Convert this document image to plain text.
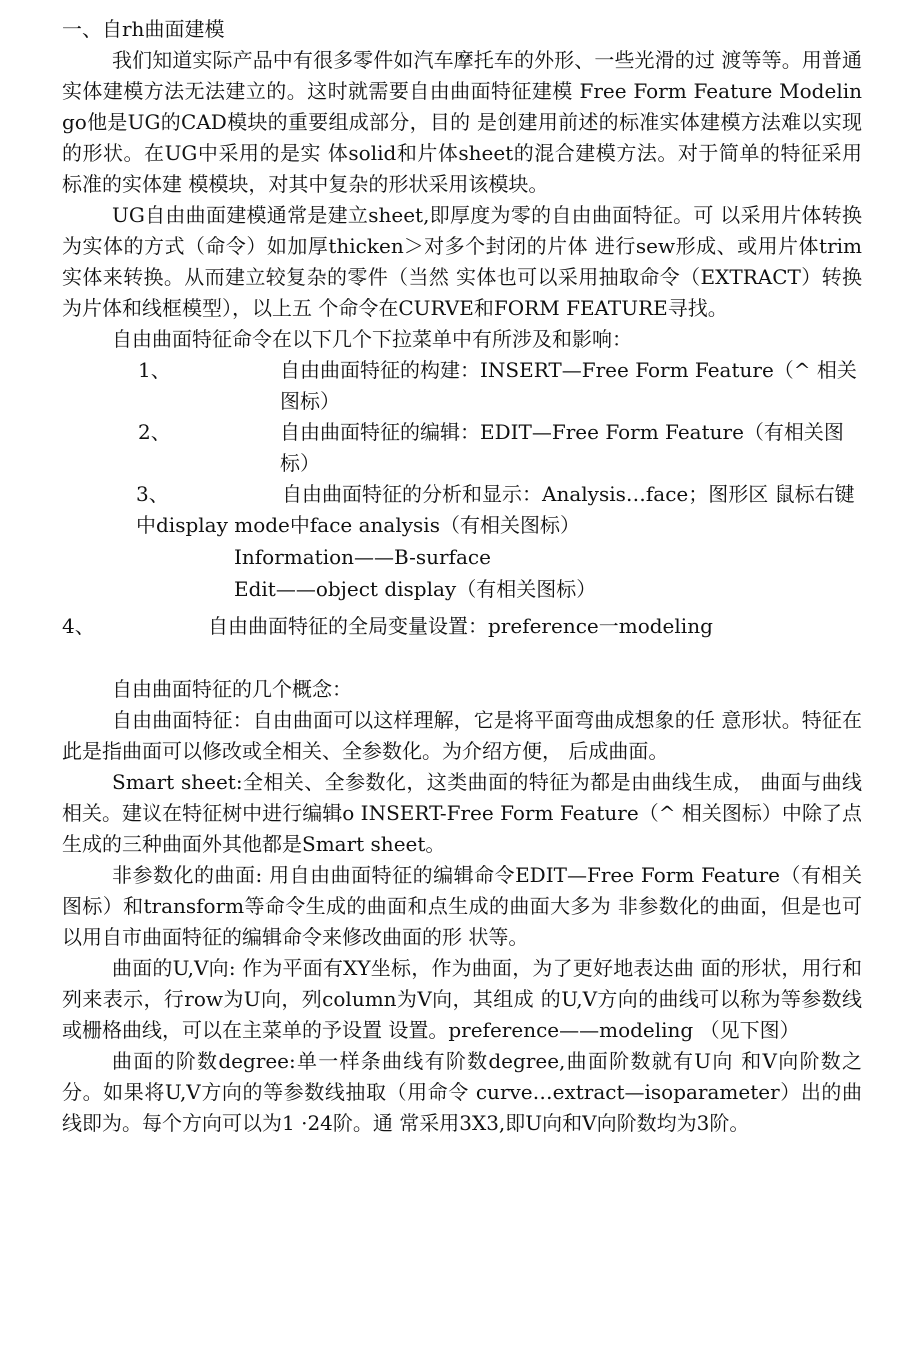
一、自rh曲面建模

我们知道实际产品中有很多零件如汽车摩托车的外形、一些光滑的过 渡等等。用普通实体建模方法无法建立的。这时就需要自由曲面特征建模 Free Form Feature Modelingo他是UG的CAD模块的重要组成部分，目的 是创建用前述的标准实体建模方法难以实现的形状。在UG中采用的是实 体solid和片体sheet的混合建模方法。对于简单的特征采用标准的实体建 模模块，对其中复杂的形状采用该模块。

UG自由曲面建模通常是建立sheet,即厚度为零的自由曲面特征。可 以采用片体转换为实体的方式（命令）如加厚thicken＞对多个封闭的片体 进行sew形成、或用片体trim实体来转换。从而建立较复杂的零件（当然 实体也可以采用抽取命令（EXTRACT）转换为片体和线框模型），以上五 个命令在CURVE和FORM FEATURE寻找。

自由曲面特征命令在以下几个下拉菜单中有所涉及和影响：

1、	自由曲面特征的构建：INSERT—Free Form Feature（^ 相关图标）
2、	自由曲面特征的编辑：EDIT—Free Form Feature（有相关图标）
3、	自由曲面特征的分析和显示：Analysis…face；图形区 鼠标右键中display mode中face analysis（有相关图标）
Information——B-surface
Edit——object display（有相关图标）
4、	自由曲面特征的全局变量设置：preference一modeling

自由曲面特征的几个概念：

自由曲面特征：自由曲面可以这样理解，它是将平面弯曲成想象的任 意形状。特征在此是指曲面可以修改或全相关、全参数化。为介绍方便， 后成曲面。

Smart sheet:全相关、全参数化，这类曲面的特征为都是由曲线生成， 曲面与曲线相关。建议在特征树中进行编辑o INSERT-Free Form Feature（^ 相关图标）中除了点生成的三种曲面外其他都是Smart sheet。

非参数化的曲面: 用自由曲面特征的编辑命令EDIT—Free Form Feature（有相关图标）和transform等命令生成的曲面和点生成的曲面大多为 非参数化的曲面，但是也可以用自市曲面特征的编辑命令来修改曲面的形 状等。

曲面的U,V向: 作为平面有XY坐标，作为曲面，为了更好地表达曲 面的形状，用行和列来表示，行row为U向，列column为V向，其组成 的U,V方向的曲线可以称为等参数线或栅格曲线，可以在主菜单的予设置 设置。preference——modeling （见下图）

曲面的阶数degree:单一样条曲线有阶数degree,曲面阶数就有U向 和V向阶数之分。如果将U,V方向的等参数线抽取（用命令 curve…extract—isoparameter）出的曲线即为。每个方向可以为1 ·24阶。通 常采用3X3,即U向和V向阶数均为3阶。
